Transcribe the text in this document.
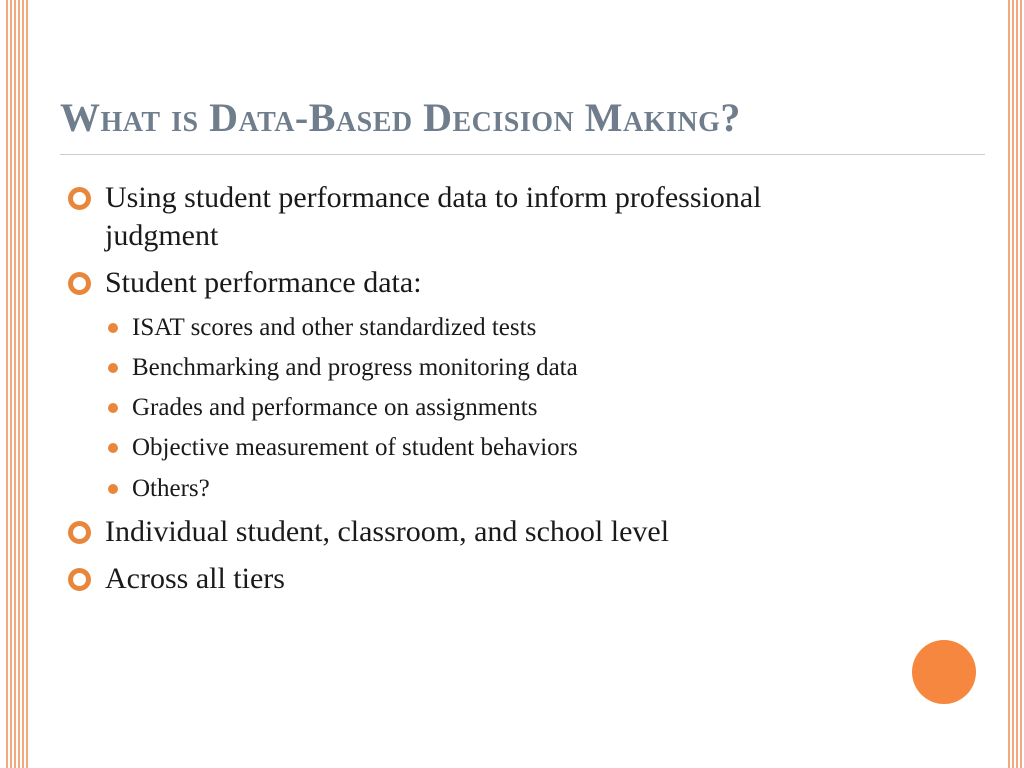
What is Data-Based Decision Making?
Using student performance data to inform professional judgment
Student performance data:
ISAT scores and other standardized tests
Benchmarking and progress monitoring data
Grades and performance on assignments
Objective measurement of student behaviors
Others?
Individual student, classroom, and school level
Across all tiers
